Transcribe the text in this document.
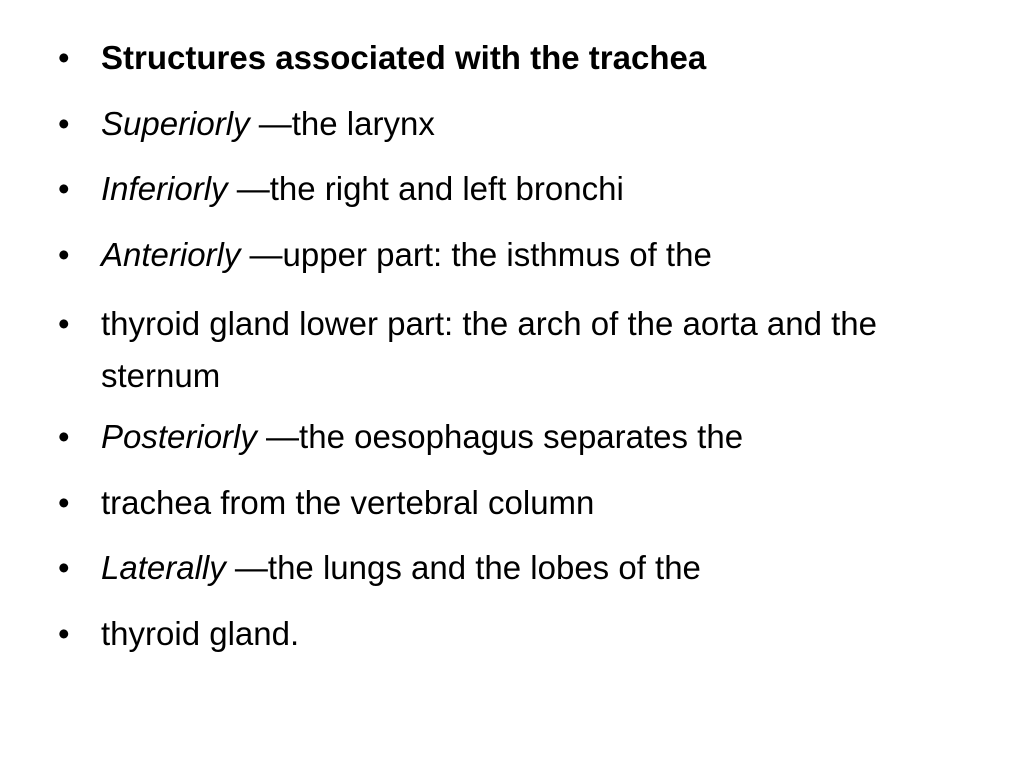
• Structures associated with the trachea
• Superiorly —the larynx
• Inferiorly —the right and left bronchi
• Anteriorly —upper part: the isthmus of the
• thyroid gland lower part: the arch of the aorta and the sternum
• Posteriorly —the oesophagus separates the
• trachea from the vertebral column
• Laterally —the lungs and the lobes of the
• thyroid gland.
